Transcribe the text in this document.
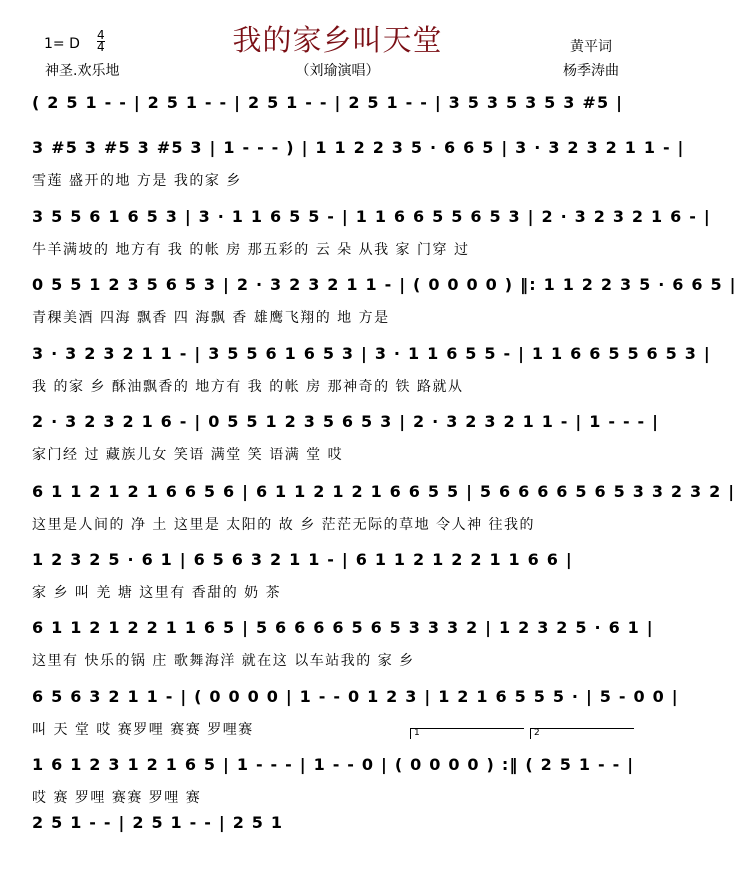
我的家乡叫天堂
1= D $\frac{4}{4}$
神圣.欢乐地	（刘瑜演唱）
黄平词
杨季涛曲
( 2 5 1 - - | 2 5 1 - - | 2 5 1 - - | 2 5 1 - - | 3 5 3 5 3 5 3 #5 |
3 #5 3 #5 3 #5 3 | 1 - - - ) | 1 1 2 2 3 5 · 6 6 5 | 3 · 3 2 3 2 1 1 - |
雪莲 盛开的地 方是 我的家 乡
3 5 5 6 1 6 5 3 | 3 · 1 1 6 5 5 - | 1 1 6 6 5 5 6 5 3 | 2 · 3 2 3 2 1 6 - |
牛羊满坡的 地方有 我 的帐 房 那五彩的 云 朵 从我 家 门穿 过
0 5 5 1 2 3 5 6 5 3 | 2 · 3 2 3 2 1 1 - | ( 0 0 0 0 ) ‖: 1 1 2 2 3 5 · 6 6 5 |
青稞美酒 四海 飘香 四 海飘 香 雄鹰飞翔的 地 方是
3 · 3 2 3 2 1 1 - | 3 5 5 6 1 6 5 3 | 3 · 1 1 6 5 5 - | 1 1 6 6 5 5 6 5 3 |
我 的家 乡 酥油飘香的 地方有 我 的帐 房 那神奇的 铁 路就从
2 · 3 2 3 2 1 6 - | 0 5 5 1 2 3 5 6 5 3 | 2 · 3 2 3 2 1 1 - | 1 - - - |
家门经 过 藏族儿女 笑语 满堂 笑 语满 堂 哎
6 1 1 2 1 2 1 6 6 5 6 | 6 1 1 2 1 2 1 6 6 5 5 | 5 6 6 6 6 5 6 5 3 3 2 3 2 |
这里是人间的 净 土 这里是 太阳的 故 乡 茫茫无际的草地 令人神 往我的
1 2 3 2 5 · 6 1 | 6 5 6 3 2 1 1 - | 6 1 1 2 1 2 2 1 1 6 6 |
家 乡 叫 羌 塘 这里有 香甜的 奶 茶
6 1 1 2 1 2 2 1 1 6 5 | 5 6 6 6 6 5 6 5 3 3 3 2 | 1 2 3 2 5 · 6 1 |
这里有 快乐的锅 庄 歌舞海洋 就在这 以车站我的 家 乡
6 5 6 3 2 1 1 - | ( 0 0 0 0 | 1 - - 0 1 2 3 | 1 2 1 6 5 5 5 · | 5 - 0 0 |
叫 天 堂 哎 赛罗哩 赛赛 罗哩赛
1 6 1 2 3 1 2 1 6 5 | 1 - - - | 1 - - 0 | ( 0 0 0 0 ) :‖ ( 2 5 1 - - |
哎 赛 罗哩 赛赛 罗哩 赛
2 5 1 - - | 2 5 1 - - | 2 5 1
1	2
